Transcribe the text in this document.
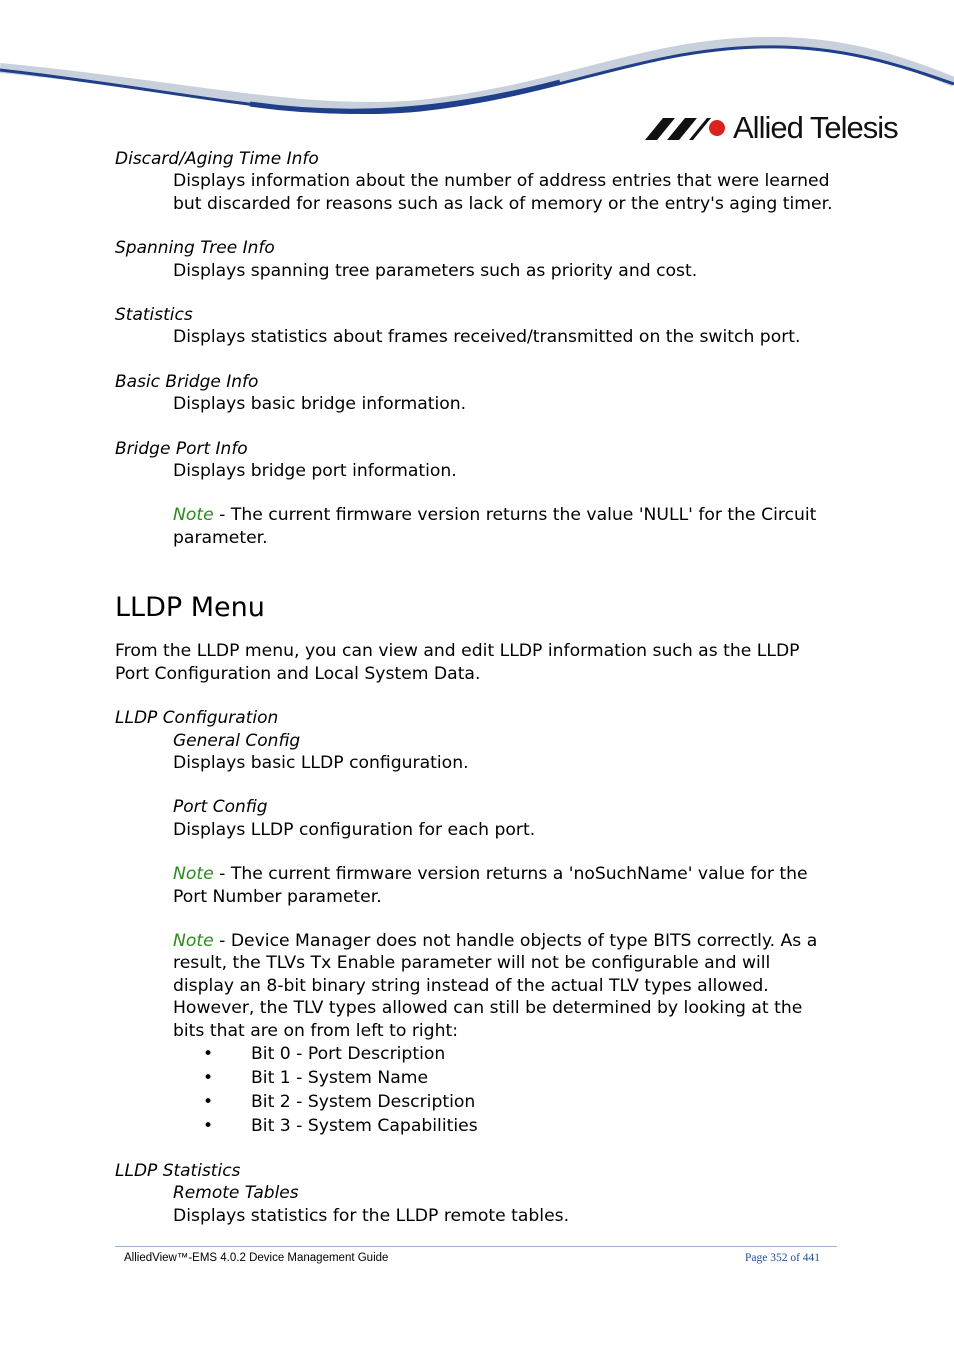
Allied Telesis
Discard/Aging Time Info
Displays information about the number of address entries that were learned but discarded for reasons such as lack of memory or the entry's aging timer.
Spanning Tree Info
Displays spanning tree parameters such as priority and cost.
Statistics
Displays statistics about frames received/transmitted on the switch port.
Basic Bridge Info
Displays basic bridge information.
Bridge Port Info
Displays bridge port information.
Note - The current firmware version returns the value 'NULL' for the Circuit parameter.
LLDP Menu
From the LLDP menu, you can view and edit LLDP information such as the LLDP Port Configuration and Local System Data.
LLDP Configuration
General Config
Displays basic LLDP configuration.
Port Config
Displays LLDP configuration for each port.
Note - The current firmware version returns a 'noSuchName' value for the Port Number parameter.
Note - Device Manager does not handle objects of type BITS correctly. As a result, the TLVs Tx Enable parameter will not be configurable and will display an 8-bit binary string instead of the actual TLV types allowed. However, the TLV types allowed can still be determined by looking at the bits that are on from left to right:
• Bit 0 - Port Description
• Bit 1 - System Name
• Bit 2 - System Description
• Bit 3 - System Capabilities
LLDP Statistics
Remote Tables
Displays statistics for the LLDP remote tables.
AlliedView™-EMS 4.0.2 Device Management Guide	Page 352 of 441
